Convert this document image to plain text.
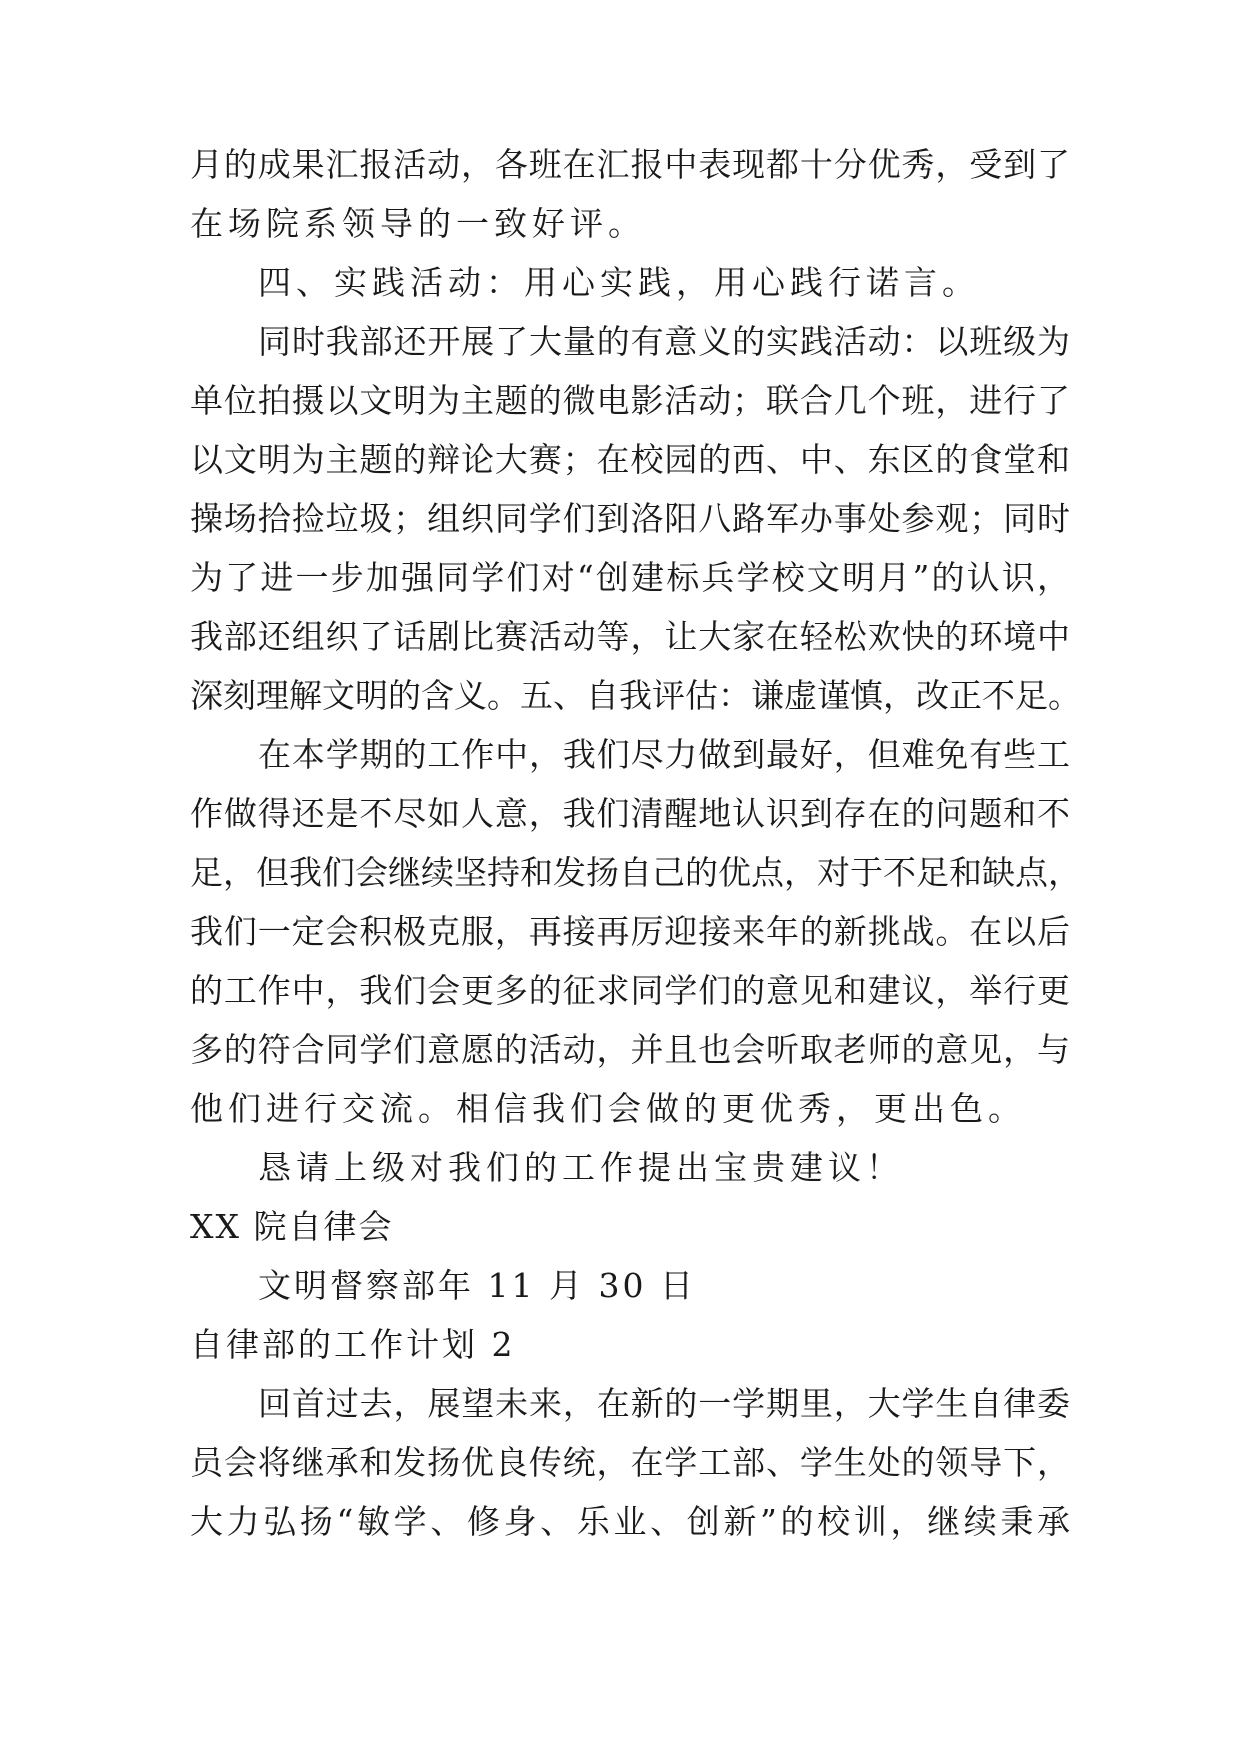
月的成果汇报活动，各班在汇报中表现都十分优秀，受到了
在场院系领导的一致好评。
四、实践活动：用心实践，用心践行诺言。
同时我部还开展了大量的有意义的实践活动：以班级为
单位拍摄以文明为主题的微电影活动；联合几个班，进行了
以文明为主题的辩论大赛；在校园的西、中、东区的食堂和
操场拾捡垃圾；组织同学们到洛阳八路军办事处参观；同时
为了进一步加强同学们对“创建标兵学校文明月”的认识，
我部还组织了话剧比赛活动等，让大家在轻松欢快的环境中
深刻理解文明的含义。五、自我评估：谦虚谨慎，改正不足。
在本学期的工作中，我们尽力做到最好，但难免有些工
作做得还是不尽如人意，我们清醒地认识到存在的问题和不
足，但我们会继续坚持和发扬自己的优点，对于不足和缺点，
我们一定会积极克服，再接再厉迎接来年的新挑战。在以后
的工作中，我们会更多的征求同学们的意见和建议，举行更
多的符合同学们意愿的活动，并且也会听取老师的意见，与
他们进行交流。相信我们会做的更优秀，更出色。
恳请上级对我们的工作提出宝贵建议！
XX 院自律会
文明督察部年 11 月 30 日
自律部的工作计划 2
回首过去，展望未来，在新的一学期里，大学生自律委
员会将继承和发扬优良传统，在学工部、学生处的领导下，
大力弘扬“敏学、修身、乐业、创新”的校训，继续秉承
